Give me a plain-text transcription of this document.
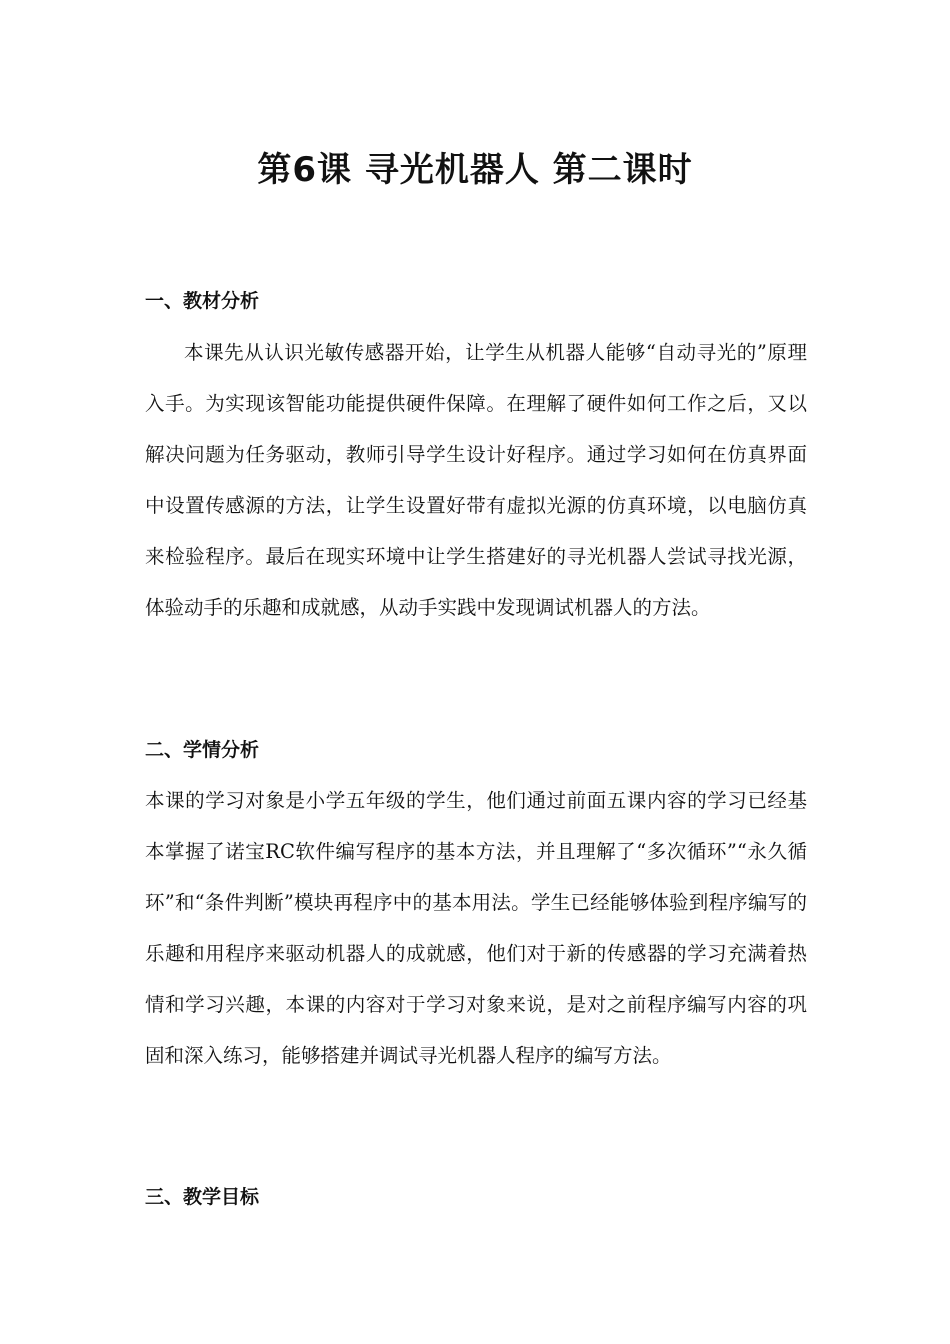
第6课 寻光机器人 第二课时
一、教材分析

本课先从认识光敏传感器开始，让学生从机器人能够“自动寻光的”原理入手。为实现该智能功能提供硬件保障。在理解了硬件如何工作之后，又以解决问题为任务驱动，教师引导学生设计好程序。通过学习如何在仿真界面中设置传感源的方法，让学生设置好带有虚拟光源的仿真环境，以电脑仿真来检验程序。最后在现实环境中让学生搭建好的寻光机器人尝试寻找光源，体验动手的乐趣和成就感，从动手实践中发现调试机器人的方法。

二、学情分析

本课的学习对象是小学五年级的学生，他们通过前面五课内容的学习已经基本掌握了诺宝RC软件编写程序的基本方法，并且理解了“多次循环”“永久循环”和“条件判断”模块再程序中的基本用法。学生已经能够体验到程序编写的乐趣和用程序来驱动机器人的成就感，他们对于新的传感器的学习充满着热情和学习兴趣，本课的内容对于学习对象来说，是对之前程序编写内容的巩固和深入练习，能够搭建并调试寻光机器人程序的编写方法。

三、教学目标
